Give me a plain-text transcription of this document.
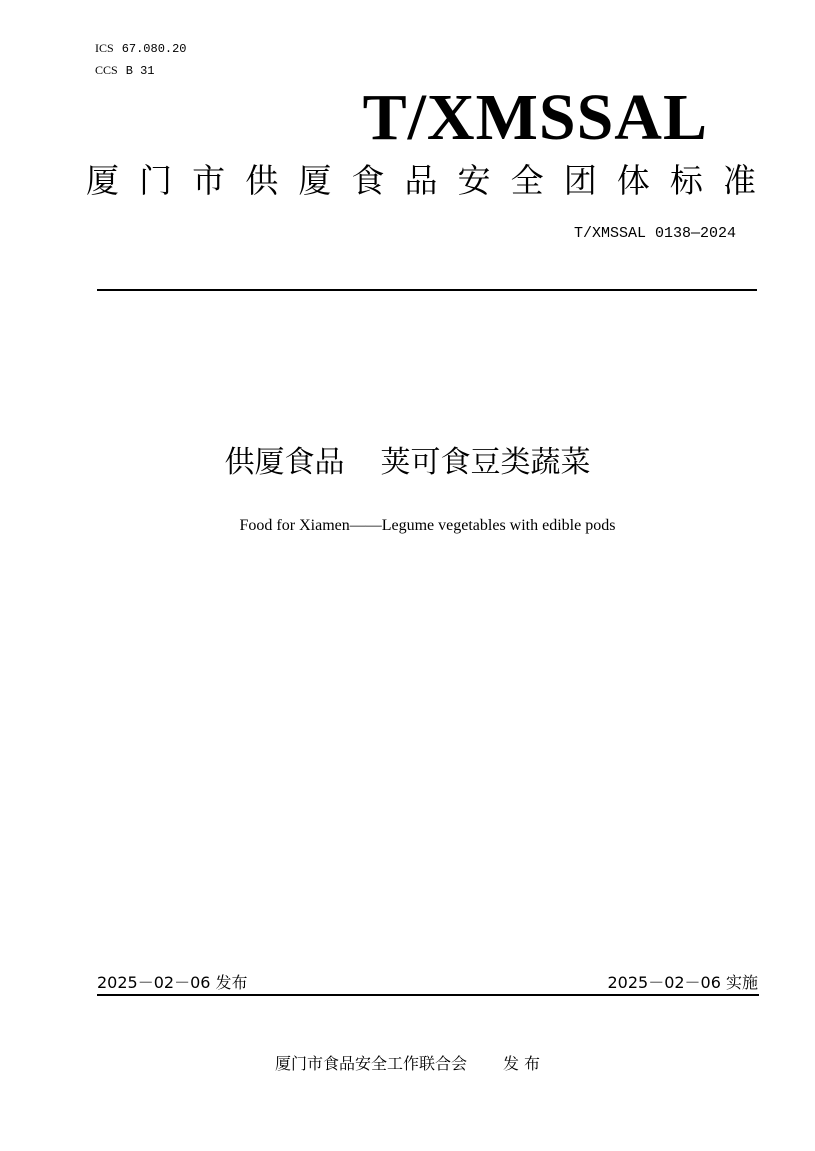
ICS 67.080.20
CCS B 31
T/XMSSAL
厦 门 市 供 厦 食 品 安 全 团 体 标 准
T/XMSSAL 0138—2024
供厦食品 荚可食豆类蔬菜
Food for Xiamen——Legume vegetables with edible pods
2025－02－06 发布	2025－02－06 实施
厦门市食品安全工作联合会 发 布
